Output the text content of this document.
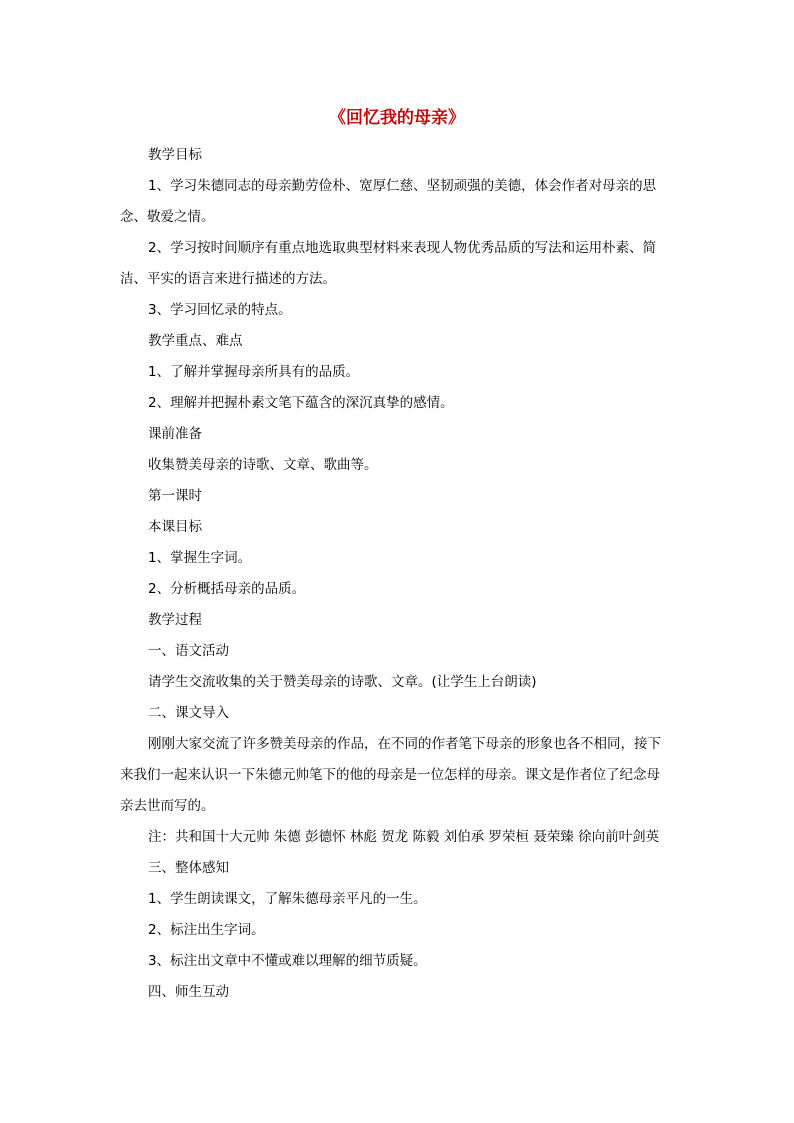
《回忆我的母亲》
教学目标
1、学习朱德同志的母亲勤劳俭朴、宽厚仁慈、坚韧顽强的美德，体会作者对母亲的思
念、敬爱之情。
2、学习按时间顺序有重点地选取典型材料来表现人物优秀品质的写法和运用朴素、简
洁、平实的语言来进行描述的方法。
3、学习回忆录的特点。
教学重点、难点
1、了解并掌握母亲所具有的品质。
2、理解并把握朴素文笔下蕴含的深沉真挚的感情。
课前准备
收集赞美母亲的诗歌、文章、歌曲等。
第一课时
本课目标
1、掌握生字词。
2、分析概括母亲的品质。
教学过程
一、语文活动
请学生交流收集的关于赞美母亲的诗歌、文章。(让学生上台朗读)
二、课文导入
刚刚大家交流了许多赞美母亲的作品，在不同的作者笔下母亲的形象也各不相同，接下
来我们一起来认识一下朱德元帅笔下的他的母亲是一位怎样的母亲。课文是作者位了纪念母
亲去世而写的。
注：共和国十大元帅 朱德 彭德怀 林彪 贺龙 陈毅 刘伯承 罗荣桓 聂荣臻 徐向前叶剑英
三、整体感知
1、学生朗读课文，了解朱德母亲平凡的一生。
2、标注出生字词。
3、标注出文章中不懂或难以理解的细节质疑。
四、师生互动
